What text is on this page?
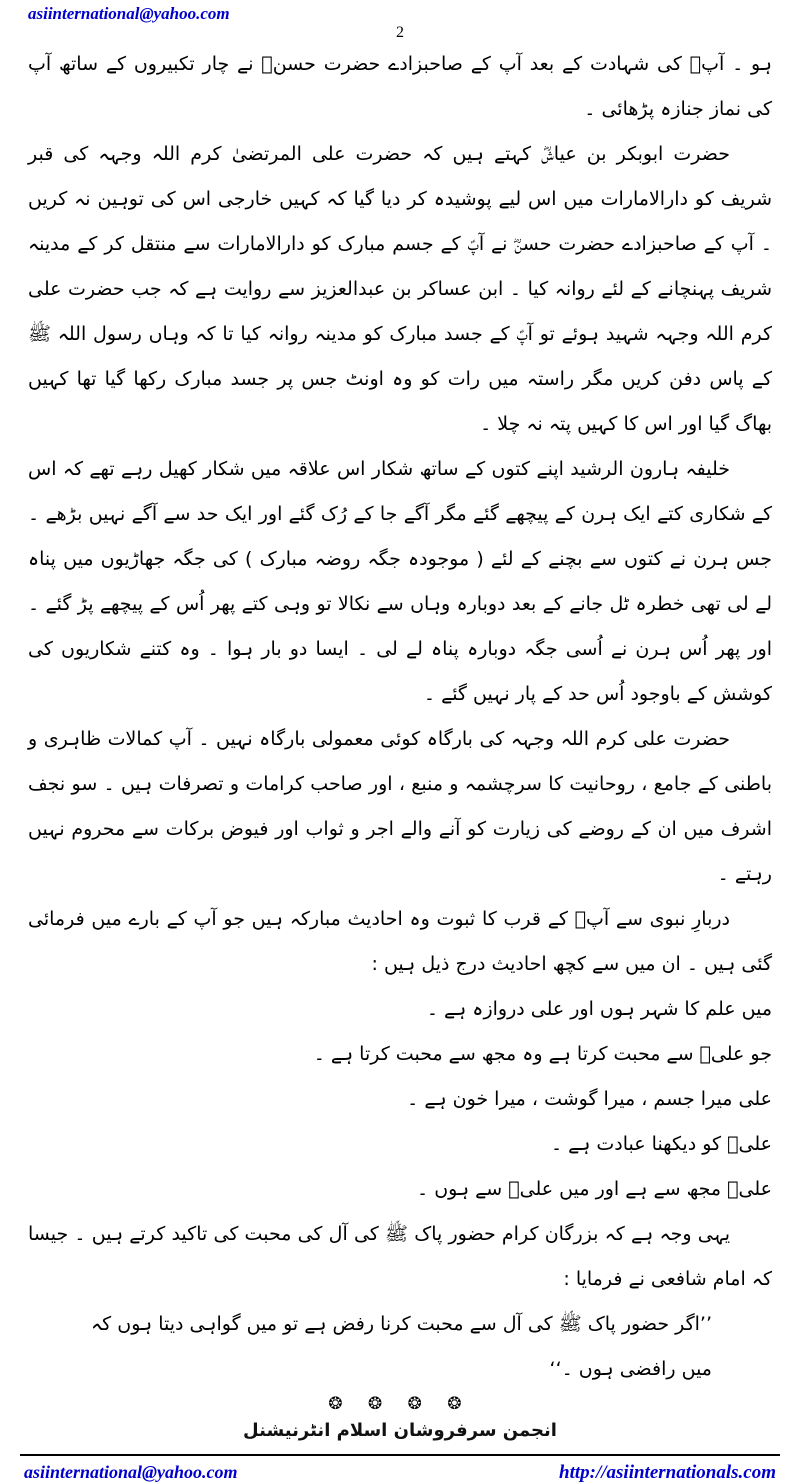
asiinternational@yahoo.com
2

ہو ۔ آپؑ کی شہادت کے بعد آپ کے صاحبزادے حضرت حسنؓ نے چار تکبیروں کے ساتھ آپ کی نماز جنازہ پڑھائی ۔

حضرت ابوبکر بن عیاشؓ کہتے ہیں کہ حضرت علی المرتضیٰ کرم اللہ وجہہ کی قبر شریف کو دارالامارات میں اس لیے پوشیدہ کر دیا گیا کہ کہیں خارجی اس کی توہین نہ کریں ۔ آپ کے صاحبزادے حضرت حسنؓ نے آپؑ کے جسم مبارک کو دارالامارات سے منتقل کر کے مدینہ شریف پہنچانے کے لئے روانہ کیا ۔ ابن عساکر بن عبدالعزیز سے روایت ہے کہ جب حضرت علی کرم اللہ وجہہ شہید ہوئے تو آپؑ کے جسد مبارک کو مدینہ روانہ کیا تا کہ وہاں رسول اللہ ﷺ کے پاس دفن کریں مگر راستہ میں رات کو وہ اونٹ جس پر جسد مبارک رکھا گیا تھا کہیں بھاگ گیا اور اس کا کہیں پتہ نہ چلا ۔

خلیفہ ہارون الرشید اپنے کتوں کے ساتھ شکار اس علاقہ میں شکار کھیل رہے تھے کہ اس کے شکاری کتے ایک ہرن کے پیچھے گئے مگر آگے جا کے رُک گئے اور ایک حد سے آگے نہیں بڑھے ۔ جس ہرن نے کتوں سے بچنے کے لئے ( موجودہ جگہ روضہ مبارک ) کی جگہ جھاڑیوں میں پناہ لے لی تھی خطرہ ٹل جانے کے بعد دوبارہ وہاں سے نکالا تو وہی کتے پھر اُس کے پیچھے پڑ گئے ۔ اور پھر اُس ہرن نے اُسی جگہ دوبارہ پناہ لے لی ۔ ایسا دو بار ہوا ۔ وہ کتنے شکاریوں کی کوشش کے باوجود اُس حد کے پار نہیں گئے ۔

حضرت علی کرم اللہ وجہہ کی بارگاہ کوئی معمولی بارگاہ نہیں ۔ آپ کمالات ظاہری و باطنی کے جامع ، روحانیت کا سرچشمہ و منبع ، اور صاحب کرامات و تصرفات ہیں ۔ سو نجف اشرف میں ان کے روضے کی زیارت کو آنے والے اجر و ثواب اور فیوض برکات سے محروم نہیں رہتے ۔

دربارِ نبوی سے آپؑ کے قرب کا ثبوت وہ احادیث مبارکہ ہیں جو آپ کے بارے میں فرمائی گئی ہیں ۔ ان میں سے کچھ احادیث درج ذیل ہیں :

میں علم کا شہر ہوں اور علی دروازہ ہے ۔

جو علیؑ سے محبت کرتا ہے وہ مجھ سے محبت کرتا ہے ۔

علی میرا جسم ، میرا گوشت ، میرا خون ہے ۔

علیؑ کو دیکھنا عبادت ہے ۔

علیؑ مجھ سے ہے اور میں علیؑ سے ہوں ۔

یہی وجہ ہے کہ بزرگان کرام حضور پاک ﷺ کی آل کی محبت کی تاکید کرتے ہیں ۔ جیسا کہ امام شافعی نے فرمایا :

’’اگر حضور پاک ﷺ کی آل سے محبت کرنا رفض ہے تو میں گواہی دیتا ہوں کہ میں رافضی ہوں ۔‘‘

❂ ❂ ❂ ❂
انجمن سرفروشان اسلام انٹرنیشنل
asiinternational@yahoo.com	http://asiinternationals.com
